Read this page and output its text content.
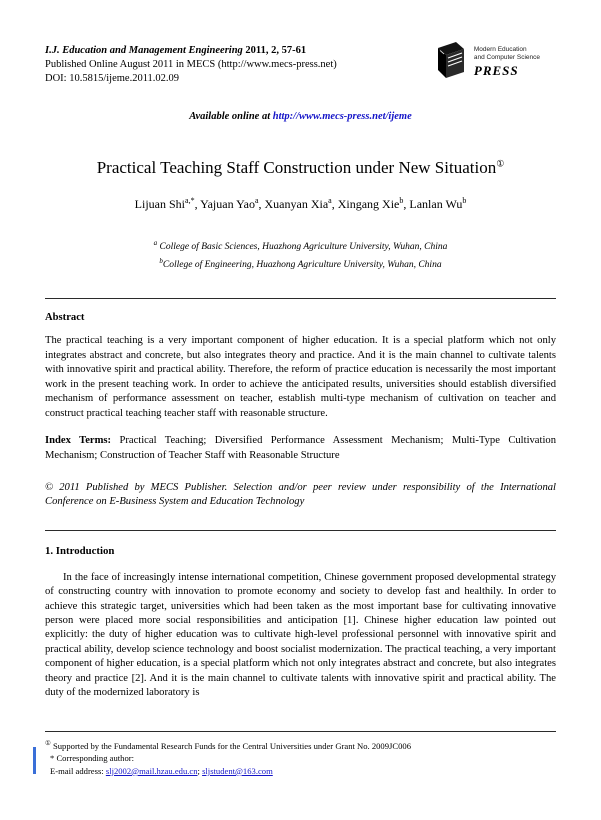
I.J. Education and Management Engineering 2011, 2, 57-61
Published Online August 2011 in MECS (http://www.mecs-press.net)
DOI: 10.5815/ijeme.2011.02.09
Modern Education
and Computer Science
PRESS
Available online at http://www.mecs-press.net/ijeme
Practical Teaching Staff Construction under New Situation①
Lijuan Shi$^{a,*}$ , Yajuan Yao$^a$ , Xuanyan Xia$^a$ , Xingang Xie$^b$ , Lanlan Wu$^b$
$^a$ College of Basic Sciences, Huazhong Agriculture University, Wuhan, China
$^b$College of Engineering, Huazhong Agriculture University, Wuhan, China
Abstract

The practical teaching is a very important component of higher education. It is a special platform which not only integrates abstract and concrete, but also integrates theory and practice. And it is the main channel to cultivate talents with innovative spirit and practical ability. Therefore, the reform of practice education is necessarily the most important work in the present teaching work. In order to achieve the anticipated results, universities should establish diversified mechanism of performance assessment on teacher, establish multi-type mechanism of cultivation on teacher and construct practical teaching teacher staff with reasonable structure.

Index Terms: Practical Teaching; Diversified Performance Assessment Mechanism; Multi-Type Cultivation Mechanism; Construction of Teacher Staff with Reasonable Structure

© 2011 Published by MECS Publisher. Selection and/or peer review under responsibility of the International Conference on E-Business System and Education Technology

1. Introduction

In the face of increasingly intense international competition, Chinese government proposed developmental strategy of constructing country with innovation to promote economy and society to develop fast and healthily. In order to achieve this strategic target, universities which had been taken as the most important base for cultivating innovative person were placed more social responsibilities and anticipation [1]. Chinese higher education law pointed out explicitly: the duty of higher education was to cultivate high-level professional personnel with innovative spirit and practical ability, develop science technology and boost socialist modernization. The practical teaching, a very important component of higher education, is a special platform which not only integrates abstract and concrete, but also integrates theory and practice [2]. And it is the main channel to cultivate talents with innovative spirit and practical ability. The duty of the modernized laboratory is

① Supported by the Fundamental Research Funds for the Central Universities under Grant No. 2009JC006
* Corresponding author:
E-mail address: slj2002@mail.hzau.edu.cn; sljstudent@163.com
